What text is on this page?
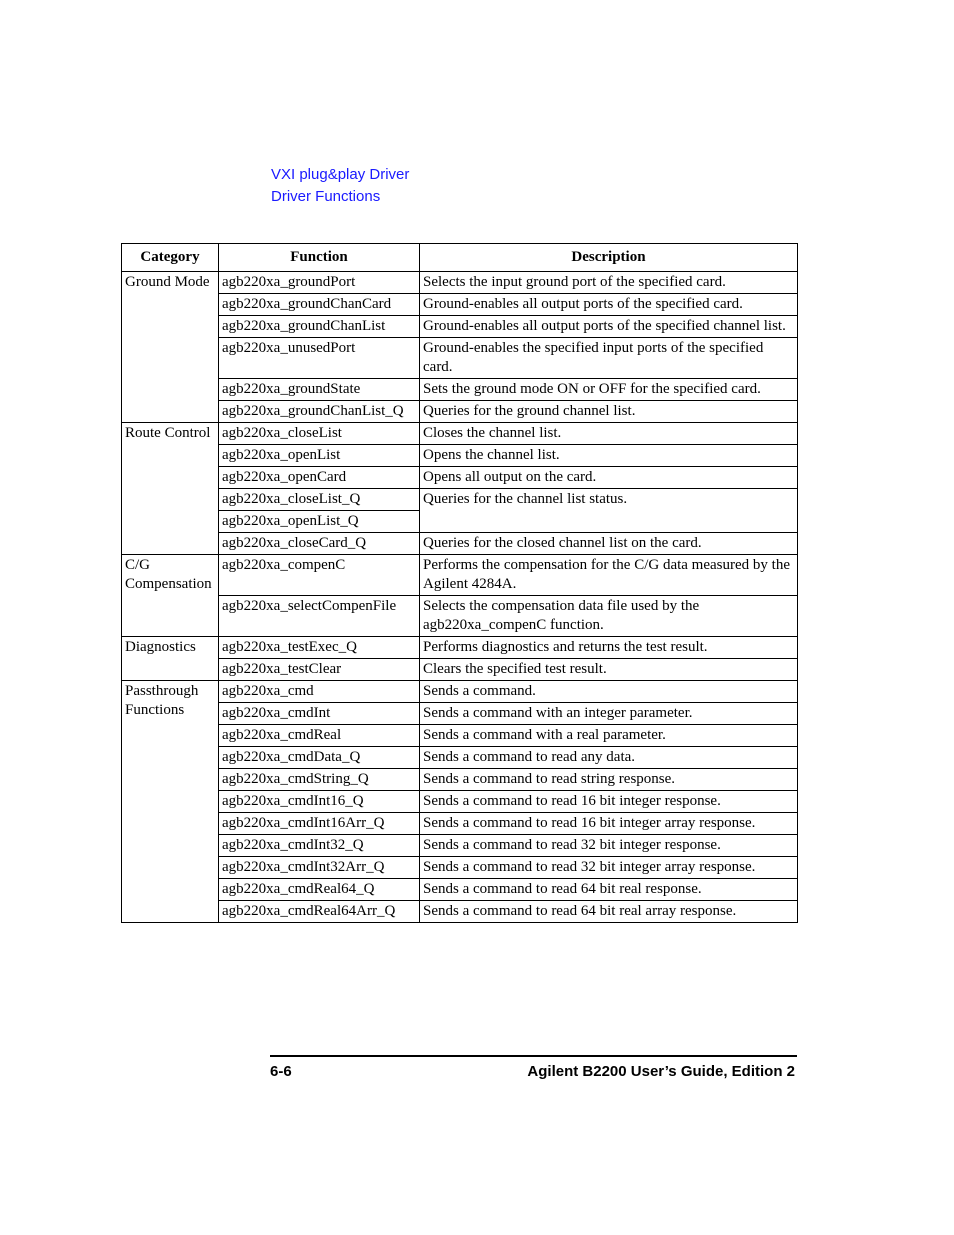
VXI plug&play Driver
Driver Functions
Category	Function	Description
Ground Mode	agb220xa_groundPort	Selects the input ground port of the specified card.
	agb220xa_groundChanCard	Ground-enables all output ports of the specified card.
	agb220xa_groundChanList	Ground-enables all output ports of the specified channel list.
	agb220xa_unusedPort	Ground-enables the specified input ports of the specified card.
	agb220xa_groundState	Sets the ground mode ON or OFF for the specified card.
	agb220xa_groundChanList_Q	Queries for the ground channel list.
Route Control	agb220xa_closeList	Closes the channel list.
	agb220xa_openList	Opens the channel list.
	agb220xa_openCard	Opens all output on the card.
	agb220xa_closeList_Q	Queries for the channel list status.
	agb220xa_openList_Q	
	agb220xa_closeCard_Q	Queries for the closed channel list on the card.
C/G Compensation	agb220xa_compenC	Performs the compensation for the C/G data measured by the Agilent 4284A.
	agb220xa_selectCompenFile	Selects the compensation data file used by the agb220xa_compenC function.
Diagnostics	agb220xa_testExec_Q	Performs diagnostics and returns the test result.
	agb220xa_testClear	Clears the specified test result.
Passthrough Functions	agb220xa_cmd	Sends a command.
	agb220xa_cmdInt	Sends a command with an integer parameter.
	agb220xa_cmdReal	Sends a command with a real parameter.
	agb220xa_cmdData_Q	Sends a command to read any data.
	agb220xa_cmdString_Q	Sends a command to read string response.
	agb220xa_cmdInt16_Q	Sends a command to read 16 bit integer response.
	agb220xa_cmdInt16Arr_Q	Sends a command to read 16 bit integer array response.
	agb220xa_cmdInt32_Q	Sends a command to read 32 bit integer response.
	agb220xa_cmdInt32Arr_Q	Sends a command to read 32 bit integer array response.
	agb220xa_cmdReal64_Q	Sends a command to read 64 bit real response.
	agb220xa_cmdReal64Arr_Q	Sends a command to read 64 bit real array response.
6-6	Agilent B2200 User’s Guide, Edition 2
